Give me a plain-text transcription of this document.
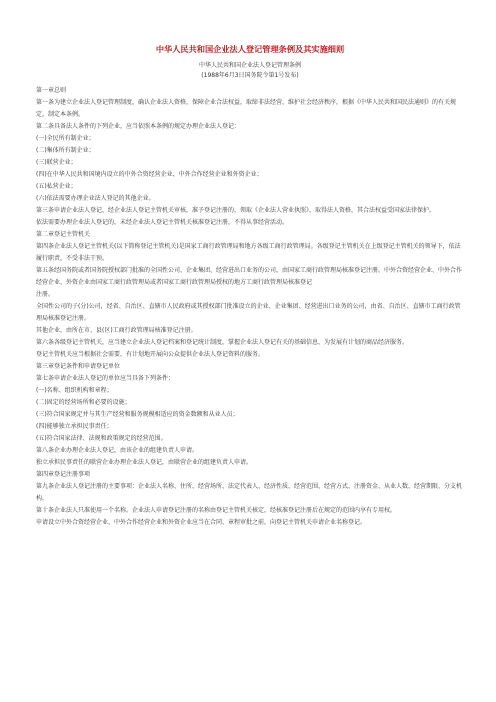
中华人民共和国企业法人登记管理条例及其实施细则
中华人民共和国企业法人登记管理条例
(1988年6月3日国务院令第1号发布)

第一章总则

第一条为建立企业法人登记管理制度，确认企业法人资格，保障企业合法权益，取缔非法经营，维护社会经济秩序，根据《中华人民共和国民法通则》的有关规定，制定本条例。

第二条具备法人条件的下列企业，应当依照本条例的规定办理企业法人登记：

(一)全民所有制企业；

(二)集体所有制企业；

(三)联营企业；

(四)在中华人民共和国境内设立的中外合资经营企业、中外合作经营企业和外资企业；

(五)私营企业；

(六)依法需要办理企业法人登记的其他企业。

第三条申请企业法人登记，经企业法人登记主管机关审核，准予登记注册的，领取《企业法人营业执照》，取得法人资格，其合法权益受国家法律保护。

依法需要办理企业法人登记的，未经企业法人登记主管机关核准登记注册，不得从事经营活动。

第二章登记主管机关

第四条企业法人登记主管机关(以下简称登记主管机关)是国家工商行政管理局和地方各级工商行政管理局。各级登记主管机关在上级登记主管机关的领导下，依法履行职责，不受非法干预。

第五条经国务院或者国务院授权部门批准的全国性公司、企业集团、经营进出口业务的公司，由国家工商行政管理局核准登记注册。中外合资经营企业、中外合作经营企业、外资企业由国家工商行政管理局或者国家工商行政管理局授权的地方工商行政管理局核准登记

注册。

全国性公司的子(分)公司，经省、自治区、直辖市人民政府或其授权部门批准设立的企业、企业集团、经营进出口业务的公司，由省、自治区、直辖市工商行政管理局核准登记注册。

其他企业，由所在市、县(区)工商行政管理局核准登记注册。

第六条各级登记主管机关，应当建立企业法人登记档案和登记统计制度，掌握企业法人登记有关的基础信息，为发展有计划的商品经济服务。

登记主管机关应当根据社会需要，有计划地开展向公众提供企业法人登记资料的服务。

第三章登记条件和申请登记单位

第七条申请企业法人登记的单位应当具备下列条件：

(一)名称、组织机构和章程；

(二)固定的经营场所和必要的设施；

(三)符合国家规定并与其生产经营和服务规模相适应的资金数额和从业人员；

(四)能够独立承担民事责任；

(五)符合国家法律、法规和政策规定的经营范围。

第八条企业办理企业法人登记，由该企业的组建负责人申请。

独立承担民事责任的联营企业办理企业法人登记，由联营企业的组建负责人申请。

第四章登记注册事项

第九条企业法人登记注册的主要事项：企业法人名称、住所、经营场所、法定代表人、经济性质、经营范围、经营方式、注册资金、从业人数、经营期限、分支机构。

第十条企业法人只准使用一个名称。企业法人申请登记注册的名称由登记主管机关核定，经核准登记注册后在规定的范围内享有专用权。

申请设立中外合资经营企业、中外合作经营企业和外资企业应当在合同、章程审批之前，向登记主管机关申请企业名称登记。
